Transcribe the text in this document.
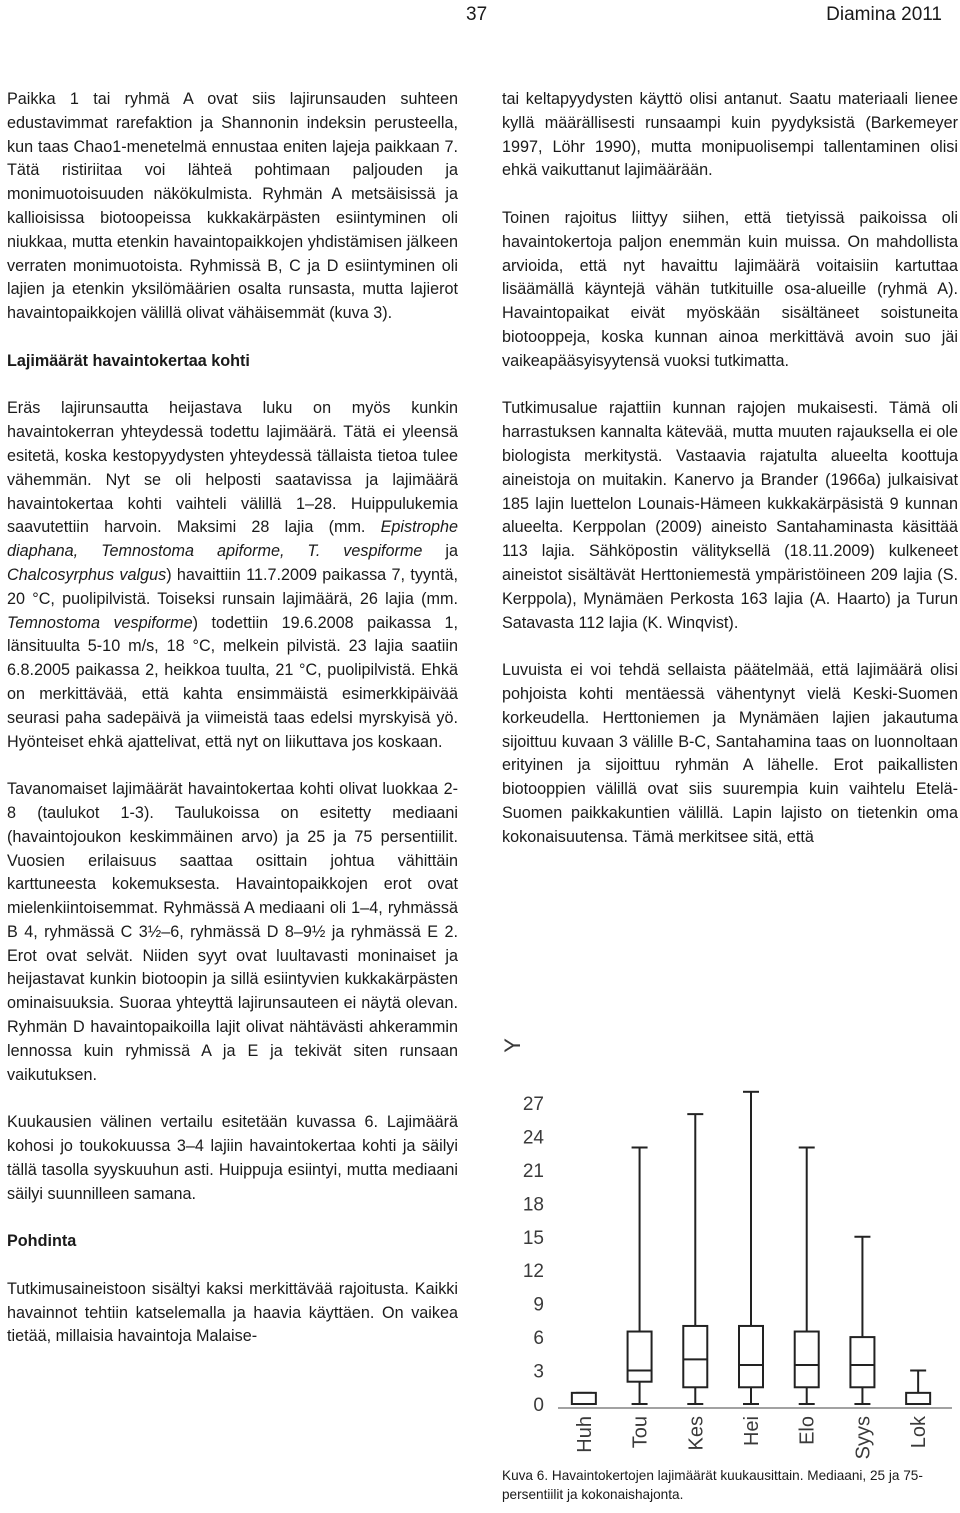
37	Diamina 2011

Paikka 1 tai ryhmä A ovat siis lajirunsauden suhteen edustavimmat rarefaktion ja Shannonin indeksin perusteella, kun taas Chao1-menetelmä ennustaa eniten lajeja paikkaan 7. Tätä ristiriitaa voi lähteä pohtimaan paljouden ja monimuotoisuuden näkökulmista. Ryhmän A metsäisissä ja kallioisissa biotoopeissa kukkakärpästen esiintyminen oli niukkaa, mutta etenkin havaintopaikkojen yhdistämisen jälkeen verraten monimuotoista. Ryhmissä B, C ja D esiintyminen oli lajien ja etenkin yksilömäärien osalta runsasta, mutta lajierot havaintopaikkojen välillä olivat vähäisemmät (kuva 3).

Lajimäärät havaintokertaa kohti

Eräs lajirunsautta heijastava luku on myös kunkin havaintokerran yhteydessä todettu lajimäärä. Tätä ei yleensä esitetä, koska kestopyydysten yhteydessä tällaista tietoa tulee vähemmän. Nyt se oli helposti saatavissa ja lajimäärä havaintokertaa kohti vaihteli välillä 1–28. Huippulukemia saavutettiin harvoin. Maksimi 28 lajia (mm. Epistrophe diaphana, Temnostoma apiforme, T. vespiforme ja Chalcosyrphus valgus) havaittiin 11.7.2009 paikassa 7, tyyntä, 20 °C, puolipilvistä. Toiseksi runsain lajimäärä, 26 lajia (mm. Temnostoma vespiforme) todettiin 19.6.2008 paikassa 1, länsituulta 5-10 m/s, 18 °C, melkein pilvistä. 23 lajia saatiin 6.8.2005 paikassa 2, heikkoa tuulta, 21 °C, puolipilvistä. Ehkä on merkittävää, että kahta ensimmäistä esimerkkipäivää seurasi paha sadepäivä ja viimeistä taas edelsi myrskyisä yö. Hyönteiset ehkä ajattelivat, että nyt on liikuttava jos koskaan.

Tavanomaiset lajimäärät havaintokertaa kohti olivat luokkaa 2-8 (taulukot 1-3). Taulukoissa on esitetty mediaani (havaintojoukon keskimmäinen arvo) ja 25 ja 75 persentiilit. Vuosien erilaisuus saattaa osittain johtua vähittäin karttuneesta kokemuksesta. Havaintopaikkojen erot ovat mielenkiintoisemmat. Ryhmässä A mediaani oli 1–4, ryhmässä B 4, ryhmässä C 3½–6, ryhmässä D 8–9½ ja ryhmässä E 2. Erot ovat selvät. Niiden syyt ovat luultavasti moninaiset ja heijastavat kunkin biotoopin ja sillä esiintyvien kukkakärpästen ominaisuuksia. Suoraa yhteyttä lajirunsauteen ei näytä olevan. Ryhmän D havaintopaikoilla lajit olivat nähtävästi ahkerammin lennossa kuin ryhmissä A ja E ja tekivät siten runsaan vaikutuksen.

Kuukausien välinen vertailu esitetään kuvassa 6. Lajimäärä kohosi jo toukokuussa 3–4 lajiin havaintokertaa kohti ja säilyi tällä tasolla syyskuuhun asti. Huippuja esiintyi, mutta mediaani säilyi suunnilleen samana.

Pohdinta

Tutkimusaineistoon sisältyi kaksi merkittävää rajoitusta. Kaikki havainnot tehtiin katselemalla ja haavia käyttäen. On vaikea tietää, millaisia havaintoja Malaise-

tai keltapyydysten käyttö olisi antanut. Saatu materiaali lienee kyllä määrällisesti runsaampi kuin pyydyksistä (Barkemeyer 1997, Löhr 1990), mutta monipuolisempi tallentaminen olisi ehkä vaikuttanut lajimäärään.

Toinen rajoitus liittyy siihen, että tietyissä paikoissa oli havaintokertoja paljon enemmän kuin muissa. On mahdollista arvioida, että nyt havaittu lajimäärä voitaisiin kartuttaa lisäämällä käyntejä vähän tutkituille osa-alueille (ryhmä A). Havaintopaikat eivät myöskään sisältäneet soistuneita biotooppeja, koska kunnan ainoa merkittävä avoin suo jäi vaikeapääsyisyytensä vuoksi tutkimatta.

Tutkimusalue rajattiin kunnan rajojen mukaisesti. Tämä oli harrastuksen kannalta kätevää, mutta muuten rajauksella ei ole biologista merkitystä. Vastaavia rajatulta alueelta koottuja aineistoja on muitakin. Kanervo ja Brander (1966a) julkaisivat 185 lajin luettelon Lounais-Hämeen kukkakärpäsistä 9 kunnan alueelta. Kerppolan (2009) aineisto Santahaminasta käsittää 113 lajia. Sähköpostin välityksellä (18.11.2009) kulkeneet aineistot sisältävät Herttoniemestä ympäristöineen 209 lajia (S. Kerppola), Mynämäen Perkosta 163 lajia (A. Haarto) ja Turun Satavasta 112 lajia (K. Winqvist).

Luvuista ei voi tehdä sellaista päätelmää, että lajimäärä olisi pohjoista kohti mentäessä vähentynyt vielä Keski-Suomen korkeudella. Herttoniemen ja Mynämäen lajien jakautuma sijoittuu kuvaan 3 välille B-C, Santahamina taas on luonnoltaan erityinen ja sijoittuu ryhmän A lähelle. Erot paikallisten biotooppien välillä ovat siis suurempia kuin vaihtelu Etelä-Suomen paikkakuntien välillä. Lapin lajisto on tietenkin oma kokonaisuutensa. Tämä merkitsee sitä, että

Y
0
3
6
9
12
15
18
21
24
27
Huh Tou Kes Hei Elo Syys Lok
Kuva 6. Havaintokertojen lajimäärät kuukausittain. Mediaani, 25 ja 75-persentiilit ja kokonaishajonta.
